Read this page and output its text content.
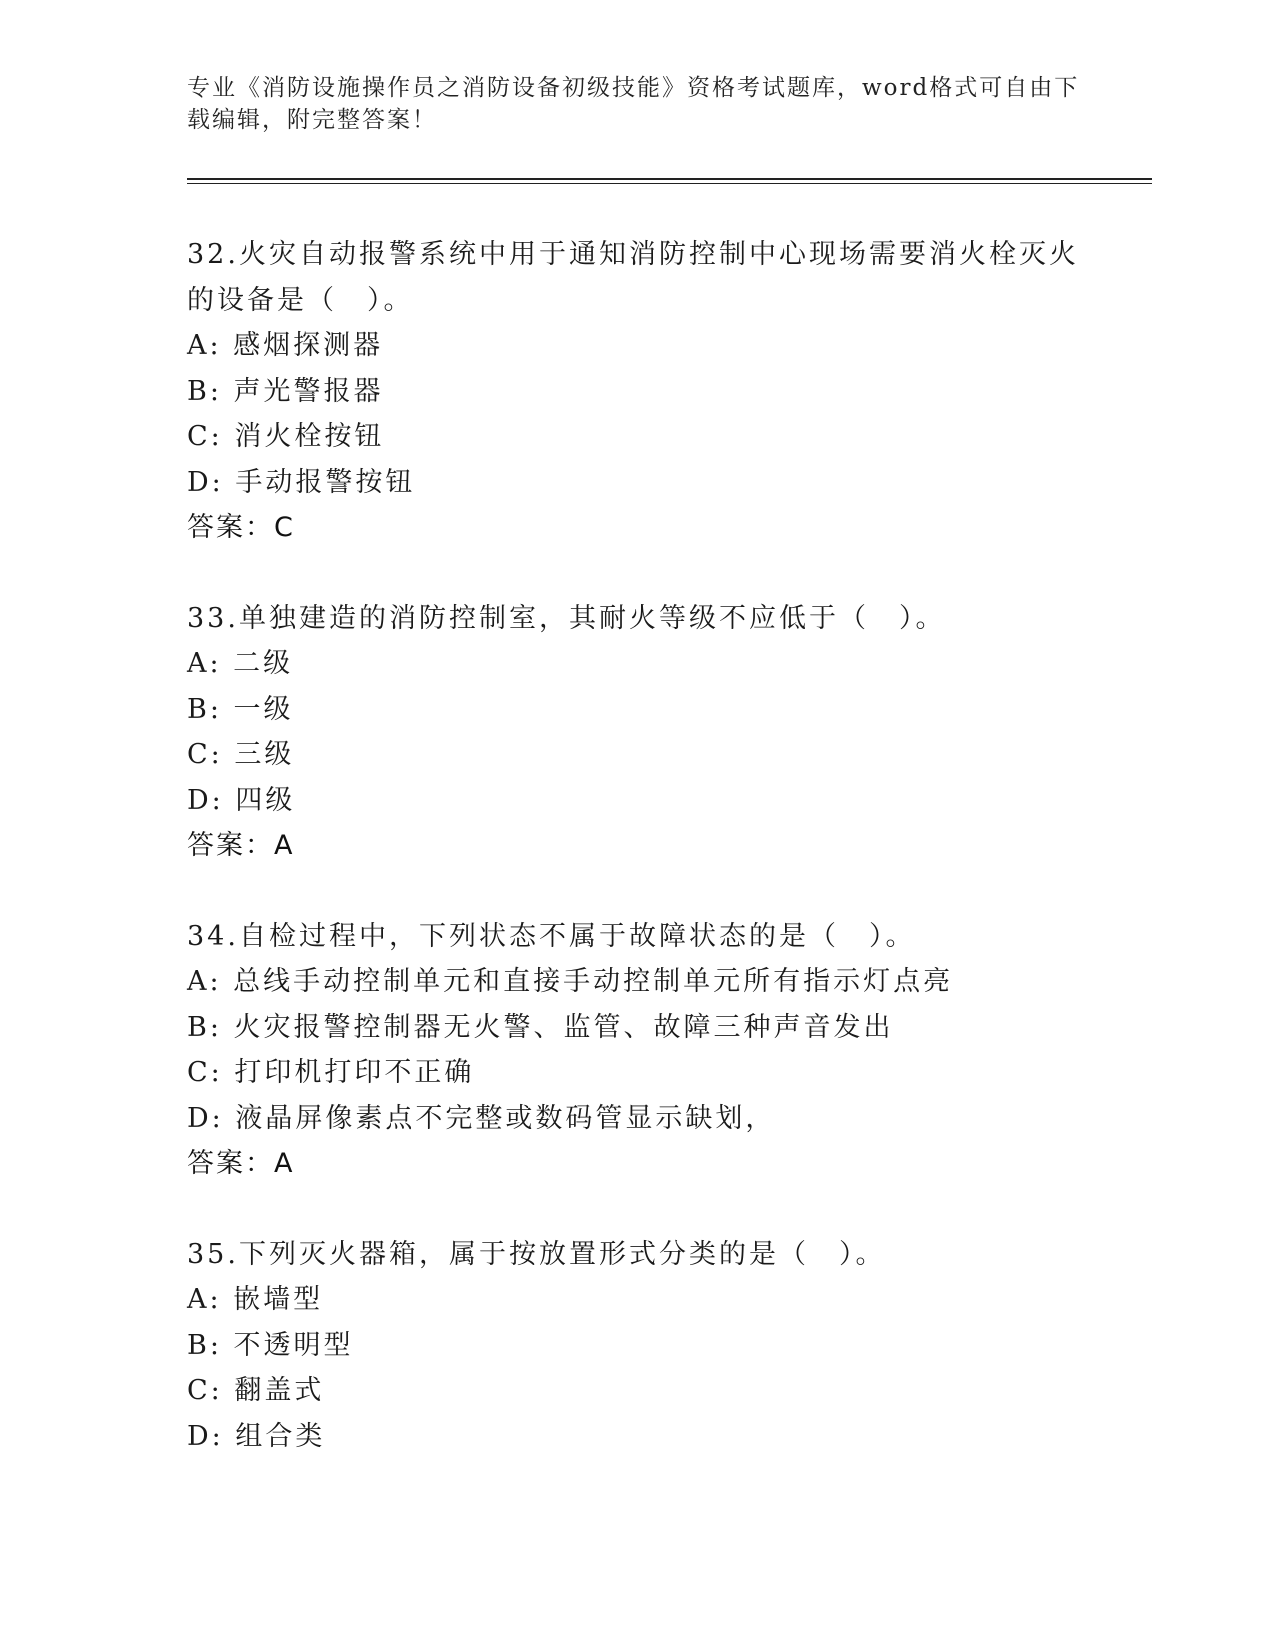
专业《消防设施操作员之消防设备初级技能》资格考试题库，word格式可自由下载编辑，附完整答案！
32.火灾自动报警系统中用于通知消防控制中心现场需要消火栓灭火的设备是（　）。
A: 感烟探测器
B: 声光警报器
C: 消火栓按钮
D: 手动报警按钮
答案：C
33.单独建造的消防控制室，其耐火等级不应低于（　）。
A: 二级
B: 一级
C: 三级
D: 四级
答案：A
34.自检过程中，下列状态不属于故障状态的是（　）。
A: 总线手动控制单元和直接手动控制单元所有指示灯点亮
B: 火灾报警控制器无火警、监管、故障三种声音发出
C: 打印机打印不正确
D: 液晶屏像素点不完整或数码管显示缺划，
答案：A
35.下列灭火器箱，属于按放置形式分类的是（　）。
A: 嵌墙型
B: 不透明型
C: 翻盖式
D: 组合类
